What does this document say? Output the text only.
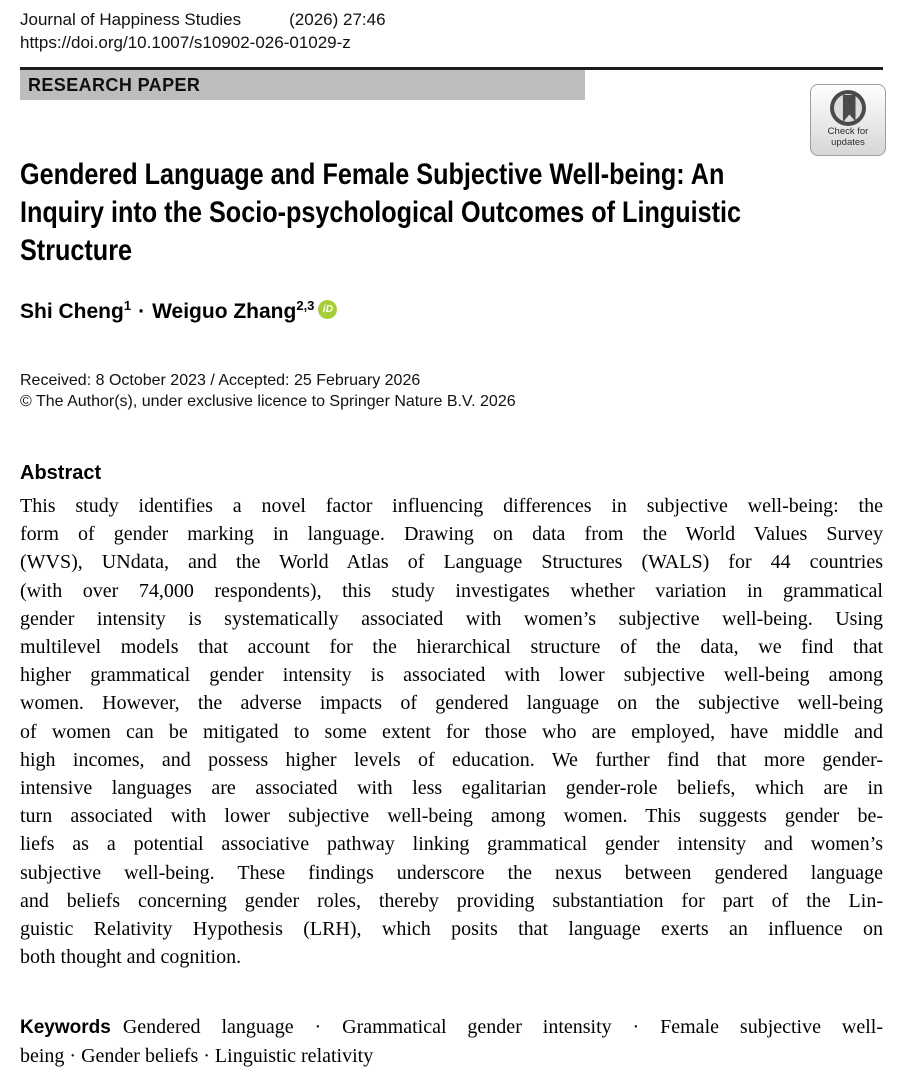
Journal of Happiness Studies	(2026) 27:46
https://doi.org/10.1007/s10902-026-01029-z
RESEARCH PAPER
Gendered Language and Female Subjective Well-being: An
Inquiry into the Socio-psychological Outcomes of Linguistic
Structure
Shi Cheng$^1$ · Weiguo Zhang$^{2,3}$ iD
Received: 8 October 2023 / Accepted: 25 February 2026
© The Author(s), under exclusive licence to Springer Nature B.V. 2026
Abstract
This study identifies a novel factor influencing differences in subjective well-being: the
form of gender marking in language. Drawing on data from the World Values Survey
(WVS), UNdata, and the World Atlas of Language Structures (WALS) for 44 countries
(with over 74,000 respondents), this study investigates whether variation in grammatical
gender intensity is systematically associated with women’s subjective well-being. Using
multilevel models that account for the hierarchical structure of the data, we find that
higher grammatical gender intensity is associated with lower subjective well-being among
women. However, the adverse impacts of gendered language on the subjective well-being
of women can be mitigated to some extent for those who are employed, have middle and
high incomes, and possess higher levels of education. We further find that more gender-
intensive languages are associated with less egalitarian gender-role beliefs, which are in
turn associated with lower subjective well-being among women. This suggests gender be-
liefs as a potential associative pathway linking grammatical gender intensity and women’s
subjective well-being. These findings underscore the nexus between gendered language
and beliefs concerning gender roles, thereby providing substantiation for part of the Lin-
guistic Relativity Hypothesis (LRH), which posits that language exerts an influence on
both thought and cognition.
Keywords Gendered language · Grammatical gender intensity · Female subjective well-
being · Gender beliefs · Linguistic relativity
Check for
updates
